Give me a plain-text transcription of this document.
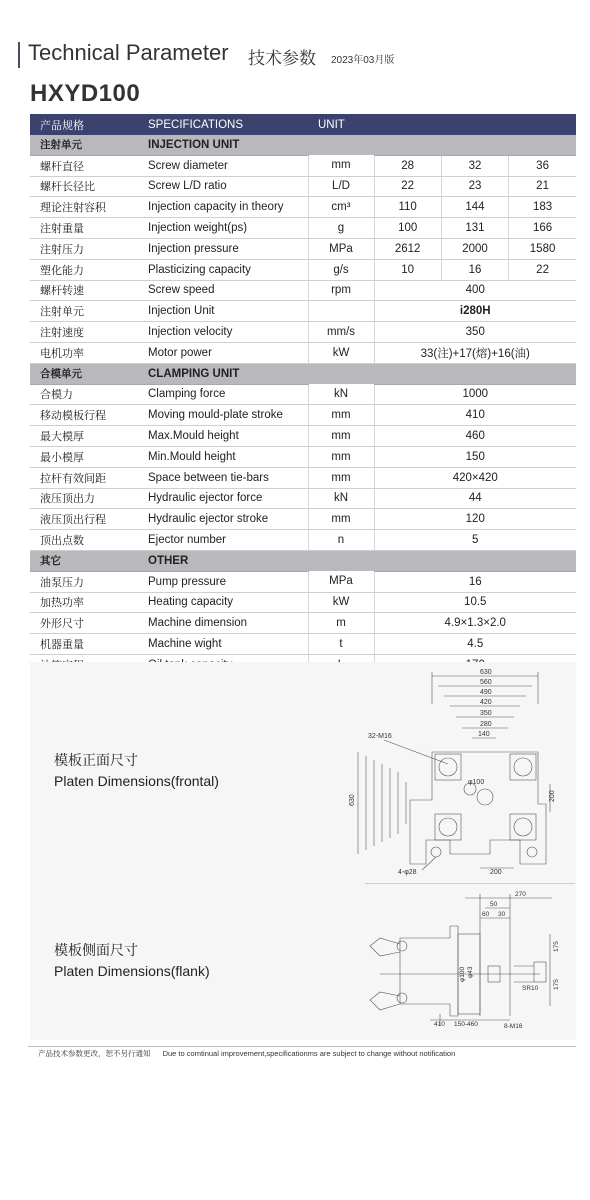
Technical Parameter 技术参数 2023年03月版
HXYD100
产品规格	SPECIFICATIONS	UNIT			
注射单元	INJECTION UNIT				
螺杆直径	Screw diameter	mm	28	32	36
螺杆长径比	Screw L/D ratio	L/D	22	23	21
理论注射容积	Injection capacity in theory	cm³	110	144	183
注射重量	Injection weight(ps)	g	100	131	166
注射压力	Injection pressure	MPa	2612	2000	1580
塑化能力	Plasticizing capacity	g/s	10	16	22
螺杆转速	Screw speed	rpm	400		
注射单元	Injection Unit		i280H		
注射速度	Injection velocity	mm/s	350		
电机功率	Motor power	kW	33(注)+17(熔)+16(油)		
合模单元	CLAMPING UNIT				
合模力	Clamping force	kN	1000		
移动模板行程	Moving mould-plate stroke	mm	410		
最大模厚	Max.Mould height	mm	460		
最小模厚	Min.Mould height	mm	150		
拉杆有效间距	Space between tie-bars	mm	420×420		
液压顶出力	Hydraulic ejector force	kN	44		
液压顶出行程	Hydraulic ejector stroke	mm	120		
顶出点数	Ejector number	n	5		
其它	OTHER				
油泵压力	Pump pressure	MPa	16		
加热功率	Heating capacity	kW	10.5		
外形尺寸	Machine dimension	m	4.9×1.3×2.0		
机器重量	Machine wight	t	4.5		

模板正面尺寸
Platen Dimensions(frontal)
630
560
490
420
350
280
140
32-M16
φ100
4-φ28	200
630	200
模板侧面尺寸
Platen Dimensions(flank)
270
50
60 30
175
175
φ100 φ43
SR10
410 150-460	8-M16
产品技术参数更改，恕不另行通知 Due to comtinual improvement,specificationms are subject to change without notification
